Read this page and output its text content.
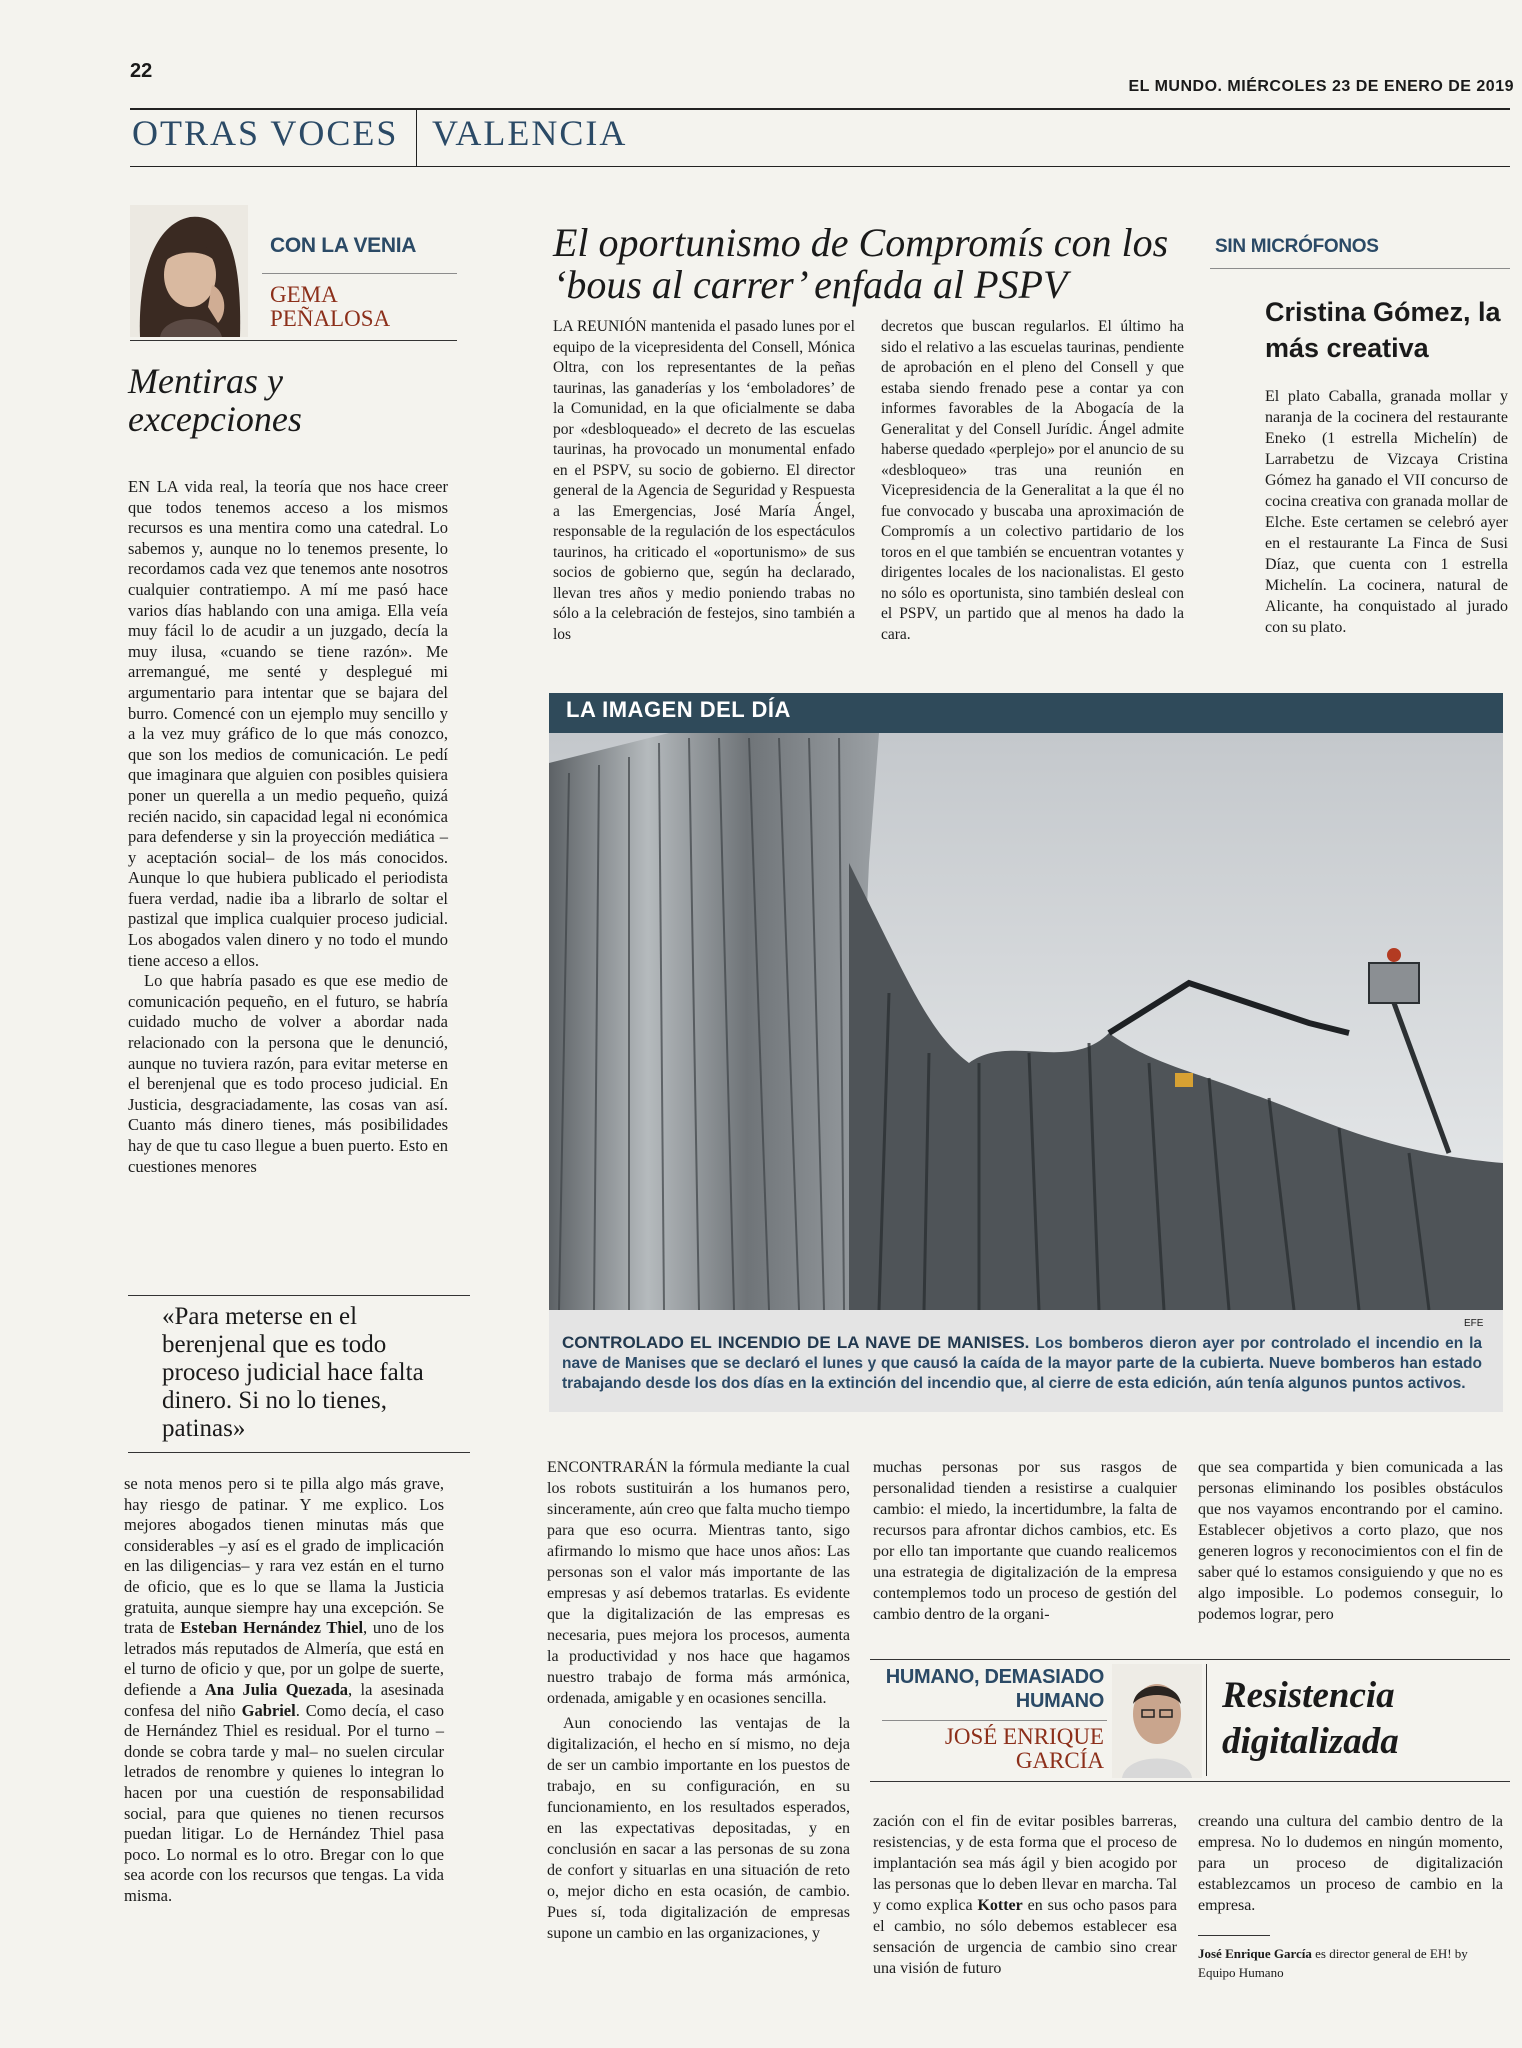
22
EL MUNDO. MIÉRCOLES 23 DE ENERO DE 2019
OTRAS VOCES VALENCIA
CON LA VENIA
GEMA
PEÑALOSA
Mentiras y excepciones

EN LA vida real, la teoría que nos hace creer que todos tenemos acceso a los mismos recursos es una mentira como una catedral. Lo sabemos y, aunque no lo tenemos presente, lo recordamos cada vez que tenemos ante nosotros cualquier contratiempo. A mí me pasó hace varios días hablando con una amiga. Ella veía muy fácil lo de acudir a un juzgado, decía la muy ilusa, «cuando se tiene razón». Me arremangué, me senté y desplegué mi argumentario para intentar que se bajara del burro. Comencé con un ejemplo muy sencillo y a la vez muy gráfico de lo que más conozco, que son los medios de comunicación. Le pedí que imaginara que alguien con posibles quisiera poner un querella a un medio pequeño, quizá recién nacido, sin capacidad legal ni económica para defenderse y sin la proyección mediática –y aceptación social– de los más conocidos. Aunque lo que hubiera publicado el periodista fuera verdad, nadie iba a librarlo de soltar el pastizal que implica cualquier proceso judicial. Los abogados valen dinero y no todo el mundo tiene acceso a ellos.

Lo que habría pasado es que ese medio de comunicación pequeño, en el futuro, se habría cuidado mucho de volver a abordar nada relacionado con la persona que le denunció, aunque no tuviera razón, para evitar meterse en el berenjenal que es todo proceso judicial. En Justicia, desgraciadamente, las cosas van así. Cuanto más dinero tienes, más posibilidades hay de que tu caso llegue a buen puerto. Esto en cuestiones menores

«Para meterse en el berenjenal que es todo proceso judicial hace falta dinero. Si no lo tienes, patinas»

se nota menos pero si te pilla algo más grave, hay riesgo de patinar. Y me explico. Los mejores abogados tienen minutas más que considerables –y así es el grado de implicación en las diligencias– y rara vez están en el turno de oficio, que es lo que se llama la Justicia gratuita, aunque siempre hay una excepción. Se trata de Esteban Hernández Thiel, uno de los letrados más reputados de Almería, que está en el turno de oficio y que, por un golpe de suerte, defiende a Ana Julia Quezada, la asesinada confesa del niño Gabriel. Como decía, el caso de Hernández Thiel es residual. Por el turno –donde se cobra tarde y mal– no suelen circular letrados de renombre y quienes lo integran lo hacen por una cuestión de responsabilidad social, para que quienes no tienen recursos puedan litigar. Lo de Hernández Thiel pasa poco. Lo normal es lo otro. Bregar con lo que sea acorde con los recursos que tengas. La vida misma.

El oportunismo de Compromís con los ‘bous al carrer’ enfada al PSPV

LA REUNIÓN mantenida el pasado lunes por el equipo de la vicepresidenta del Consell, Mónica Oltra, con los representantes de la peñas taurinas, las ganaderías y los ‘emboladores’ de la Comunidad, en la que oficialmente se daba por «desbloqueado» el decreto de las escuelas taurinas, ha provocado un monumental enfado en el PSPV, su socio de gobierno. El director general de la Agencia de Seguridad y Respuesta a las Emergencias, José María Ángel, responsable de la regulación de los espectáculos taurinos, ha criticado el «oportunismo» de sus socios de gobierno que, según ha declarado, llevan tres años y medio poniendo trabas no sólo a la celebración de festejos, sino también a los

decretos que buscan regularlos. El último ha sido el relativo a las escuelas taurinas, pendiente de aprobación en el pleno del Consell y que estaba siendo frenado pese a contar ya con informes favorables de la Abogacía de la Generalitat y del Consell Jurídic. Ángel admite haberse quedado «perplejo» por el anuncio de su «desbloqueo» tras una reunión en Vicepresidencia de la Generalitat a la que él no fue convocado y buscaba una aproximación de Compromís a un colectivo partidario de los toros en el que también se encuentran votantes y dirigentes locales de los nacionalistas. El gesto no sólo es oportunista, sino también desleal con el PSPV, un partido que al menos ha dado la cara.

SIN MICRÓFONOS
Cristina Gómez, la más creativa

El plato Caballa, granada mollar y naranja de la cocinera del restaurante Eneko (1 estrella Michelín) de Larrabetzu de Vizcaya Cristina Gómez ha ganado el VII concurso de cocina creativa con granada mollar de Elche. Este certamen se celebró ayer en el restaurante La Finca de Susi Díaz, que cuenta con 1 estrella Michelín. La cocinera, natural de Alicante, ha conquistado al jurado con su plato.

LA IMAGEN DEL DÍA
EFE
CONTROLADO EL INCENDIO DE LA NAVE DE MANISES. Los bomberos dieron ayer por controlado el incendio en la nave de Manises que se declaró el lunes y que causó la caída de la mayor parte de la cubierta. Nueve bomberos han estado trabajando desde los dos días en la extinción del incendio que, al cierre de esta edición, aún tenía algunos puntos activos.

ENCONTRARÁN la fórmula mediante la cual los robots sustituirán a los humanos pero, sinceramente, aún creo que falta mucho tiempo para que eso ocurra. Mientras tanto, sigo afirmando lo mismo que hace unos años: Las personas son el valor más importante de las empresas y así debemos tratarlas. Es evidente que la digitalización de las empresas es necesaria, pues mejora los procesos, aumenta la productividad y nos hace que hagamos nuestro trabajo de forma más armónica, ordenada, amigable y en ocasiones sencilla.

Aun conociendo las ventajas de la digitalización, el hecho en sí mismo, no deja de ser un cambio importante en los puestos de trabajo, en su configuración, en su funcionamiento, en los resultados esperados, en las expectativas depositadas, y en conclusión en sacar a las personas de su zona de confort y situarlas en una situación de reto o, mejor dicho en esta ocasión, de cambio. Pues sí, toda digitalización de empresas supone un cambio en las organizaciones, y

muchas personas por sus rasgos de personalidad tienden a resistirse a cualquier cambio: el miedo, la incertidumbre, la falta de recursos para afrontar dichos cambios, etc. Es por ello tan importante que cuando realicemos una estrategia de digitalización de la empresa contemplemos todo un proceso de gestión del cambio dentro de la organi-

que sea compartida y bien comunicada a las personas eliminando los posibles obstáculos que nos vayamos encontrando por el camino. Establecer objetivos a corto plazo, que nos generen logros y reconocimientos con el fin de saber qué lo estamos consiguiendo y que no es algo imposible. Lo podemos conseguir, lo podemos lograr, pero

HUMANO, DEMASIADO
HUMANO
JOSÉ ENRIQUE
GARCÍA
Resistencia digitalizada

zación con el fin de evitar posibles barreras, resistencias, y de esta forma que el proceso de implantación sea más ágil y bien acogido por las personas que lo deben llevar en marcha. Tal y como explica Kotter en sus ocho pasos para el cambio, no sólo debemos establecer esa sensación de urgencia de cambio sino crear una visión de futuro

creando una cultura del cambio dentro de la empresa. No lo dudemos en ningún momento, para un proceso de digitalización establezcamos un proceso de cambio en la empresa.

José Enrique García es director general de EH! by Equipo Humano
